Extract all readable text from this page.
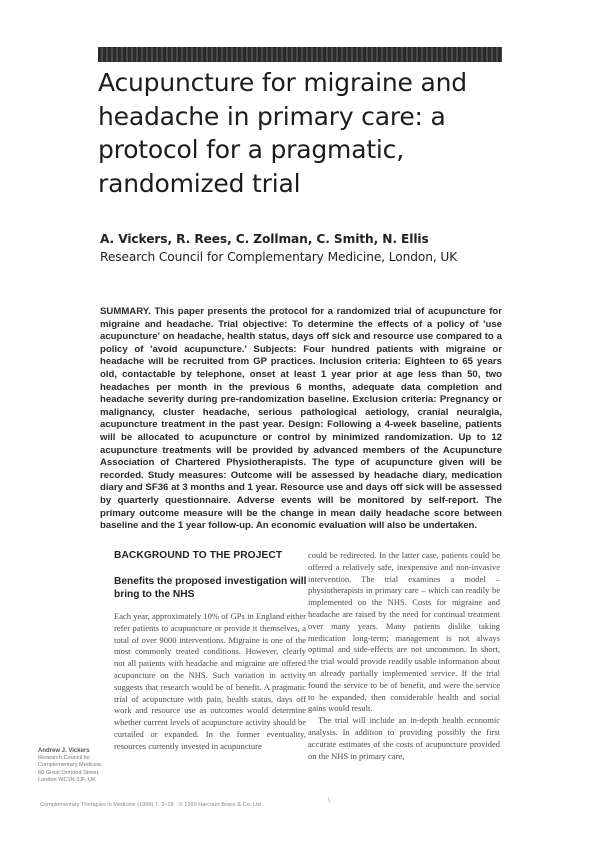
Acupuncture for migraine and headache in primary care: a protocol for a pragmatic, randomized trial
A. Vickers, R. Rees, C. Zollman, C. Smith, N. Ellis
Research Council for Complementary Medicine, London, UK

SUMMARY. This paper presents the protocol for a randomized trial of acupuncture for migraine and headache. Trial objective: To determine the effects of a policy of 'use acupuncture' on headache, health status, days off sick and resource use compared to a policy of 'avoid acupuncture.' Subjects: Four hundred patients with migraine or headache will be recruited from GP practices. Inclusion criteria: Eighteen to 65 years old, contactable by telephone, onset at least 1 year prior at age less than 50, two headaches per month in the previous 6 months, adequate data completion and headache severity during pre-randomization baseline. Exclusion criteria: Pregnancy or malignancy, cluster headache, serious pathological aetiology, cranial neuralgia, acupuncture treatment in the past year. Design: Following a 4-week baseline, patients will be allocated to acupuncture or control by minimized randomization. Up to 12 acupuncture treatments will be provided by advanced members of the Acupuncture Association of Chartered Physiotherapists. The type of acupuncture given will be recorded. Study measures: Outcome will be assessed by headache diary, medication diary and SF36 at 3 months and 1 year. Resource use and days off sick will be assessed by quarterly questionnaire. Adverse events will be monitored by self-report. The primary outcome measure will be the change in mean daily headache score between baseline and the 1 year follow-up. An economic evaluation will also be undertaken.

BACKGROUND TO THE PROJECT
Benefits the proposed investigation will bring to the NHS

Each year, approximately 10% of GPs in England either refer patients to acupuncture or provide it themselves, a total of over 9000 interventions. Migraine is one of the most commonly treated conditions. However, clearly not all patients with headache and migraine are offered acupuncture on the NHS. Such variation in activity suggests that research would be of benefit. A pragmatic trial of acupuncture with pain, health status, days off work and resource use as outcomes would determine whether current levels of acupuncture activity should be curtailed or expanded. In the former eventuality, resources currently invested in acupuncture

could be redirected. In the latter case, patients could be offered a relatively safe, inexpensive and non-invasive intervention. The trial examines a model – physiotherapists in primary care – which can readily be implemented on the NHS. Costs for migraine and headache are raised by the need for continual treatment over many years. Many patients dislike taking medication long-term; management is not always optimal and side-effects are not uncommon. In short, the trial would provide readily usable information about an already partially implemented service. If the trial found the service to be of benefit, and were the service to be expanded, then considerable health and social gains would result.

The trial will include an in-depth health economic analysis. In addition to providing possibly the first accurate estimates of the costs of acupuncture provided on the NHS in primary care,

Andrew J. Vickers
Research Council for Complementary Medicine, 60 Great Ormond Street, London WC1N 3JF, UK
Complementary Therapies in Medicine (1999) 7, 3–18 · © 1999 Harcourt Brace & Co. Ltd	\
